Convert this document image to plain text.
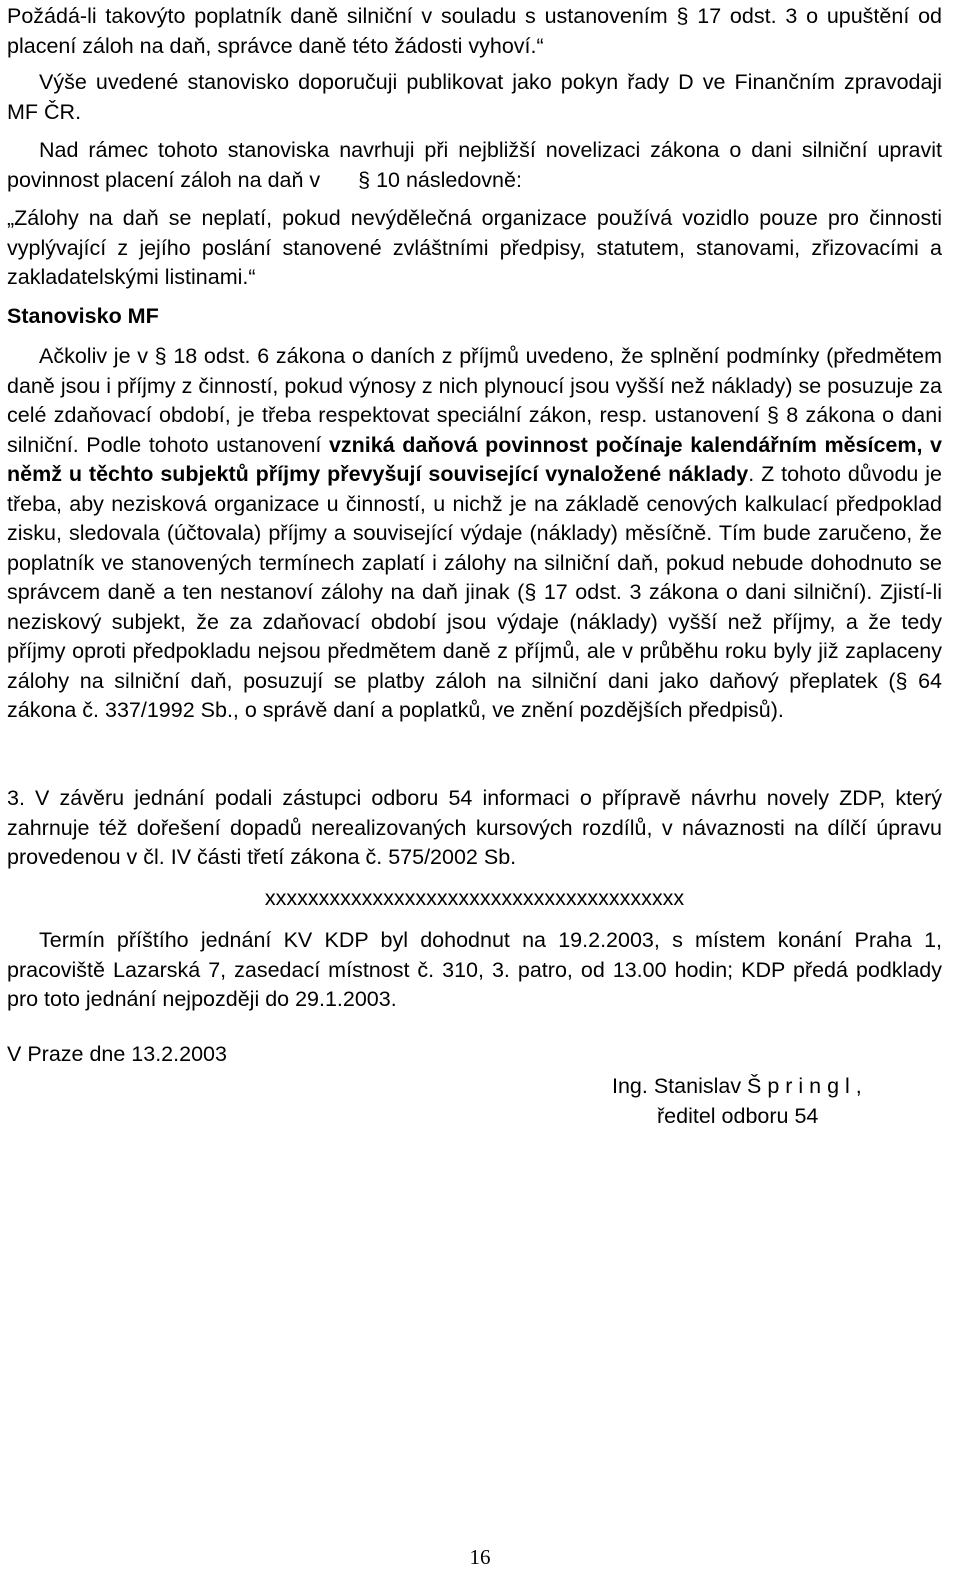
Požádá-li takovýto poplatník daně silniční v souladu s ustanovením § 17 odst. 3 o upuštění od placení záloh na daň, správce daně této žádosti vyhoví.“

Výše uvedené stanovisko doporučuji publikovat jako pokyn řady D ve Finančním zpravodaji MF ČR.

Nad rámec tohoto stanoviska navrhuji při nejbližší novelizaci zákona o dani silniční upravit povinnost placení záloh na daň v § 10 následovně:

„Zálohy na daň se neplatí, pokud nevýdělečná organizace používá vozidlo pouze pro činnosti vyplývající z jejího poslání stanovené zvláštními předpisy, statutem, stanovami, zřizovacími a zakladatelskými listinami.“

Stanovisko MF

Ačkoliv je v § 18 odst. 6 zákona o daních z příjmů uvedeno, že splnění podmínky (předmětem daně jsou i příjmy z činností, pokud výnosy z nich plynoucí jsou vyšší než náklady) se posuzuje za celé zdaňovací období, je třeba respektovat speciální zákon, resp. ustanovení § 8 zákona o dani silniční. Podle tohoto ustanovení vzniká daňová povinnost počínaje kalendářním měsícem, v němž u těchto subjektů příjmy převyšují související vynaložené náklady. Z tohoto důvodu je třeba, aby nezisková organizace u činností, u nichž je na základě cenových kalkulací předpoklad zisku, sledovala (účtovala) příjmy a související výdaje (náklady) měsíčně. Tím bude zaručeno, že poplatník ve stanovených termínech zaplatí i zálohy na silniční daň, pokud nebude dohodnuto se správcem daně a ten nestanoví zálohy na daň jinak (§ 17 odst. 3 zákona o dani silniční). Zjistí-li neziskový subjekt, že za zdaňovací období jsou výdaje (náklady) vyšší než příjmy, a že tedy příjmy oproti předpokladu nejsou předmětem daně z příjmů, ale v průběhu roku byly již zaplaceny zálohy na silniční daň, posuzují se platby záloh na silniční dani jako daňový přeplatek (§ 64 zákona č. 337/1992 Sb., o správě daní a poplatků, ve znění pozdějších předpisů).

3. V závěru jednání podali zástupci odboru 54 informaci o přípravě návrhu novely ZDP, který zahrnuje též dořešení dopadů nerealizovaných kursových rozdílů, v návaznosti na dílčí úpravu provedenou v čl. IV části třetí zákona č. 575/2002 Sb.

xxxxxxxxxxxxxxxxxxxxxxxxxxxxxxxxxxxxxxx

Termín příštího jednání KV KDP byl dohodnut na 19.2.2003, s místem konání Praha 1, pracoviště Lazarská 7, zasedací místnost č. 310, 3. patro, od 13.00 hodin; KDP předá podklady pro toto jednání nejpozději do 29.1.2003.

V Praze dne 13.2.2003

Ing. Stanislav Š p r i n g l ,
ředitel odboru 54
16
